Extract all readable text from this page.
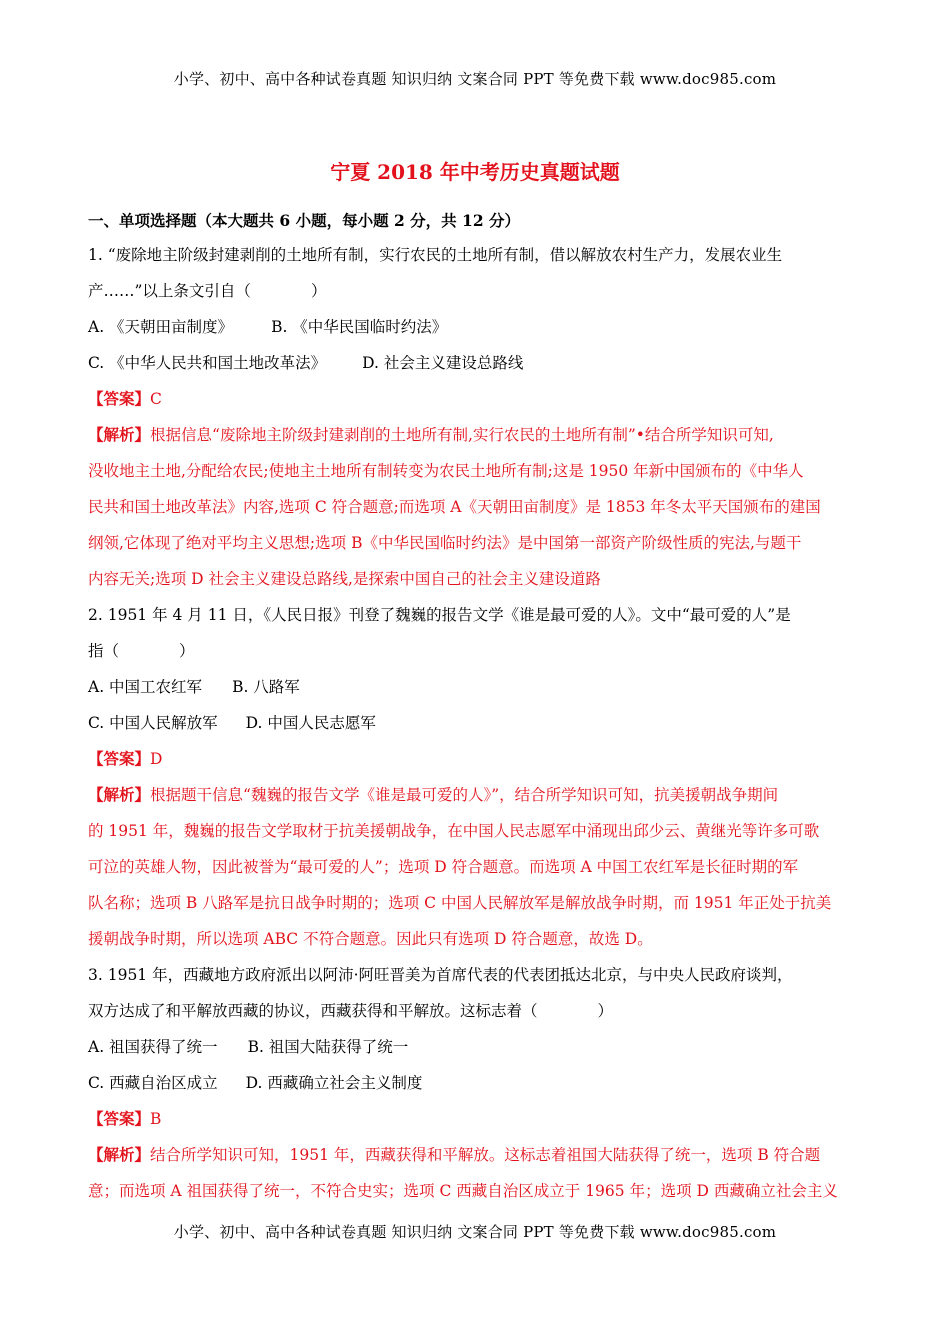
小学、初中、高中各种试卷真题 知识归纳 文案合同 PPT 等免费下载 www.doc985.com
宁夏 2018 年中考历史真题试题
一、单项选择题（本大题共 6 小题，每小题 2 分，共 12 分）
1. “废除地主阶级封建剥削的土地所有制，实行农民的土地所有制，借以解放农村生产力，发展农业生
产……”以上条文引自（	）
A. 《天朝田亩制度》 B. 《中华民国临时约法》
C. 《中华人民共和国土地改革法》 D. 社会主义建设总路线
【答案】C
【解析】根据信息“废除地主阶级封建剥削的土地所有制,实行农民的土地所有制”•结合所学知识可知,
没收地主土地,分配给农民;使地主土地所有制转变为农民土地所有制;这是 1950 年新中国颁布的《中华人
民共和国土地改革法》内容,选项 C 符合题意;而选项 A《天朝田亩制度》是 1853 年冬太平天国颁布的建国
纲领,它体现了绝对平均主义思想;选项 B《中华民国临时约法》是中国第一部资产阶级性质的宪法,与题干
内容无关;选项 D 社会主义建设总路线,是探索中国自己的社会主义建设道路
2. 1951 年 4 月 11 日，《人民日报》刊登了魏巍的报告文学《谁是最可爱的人》。文中“最可爱的人”是
指（	）
A. 中国工农红军 B. 八路军
C. 中国人民解放军 D. 中国人民志愿军
【答案】D
【解析】根据题干信息“魏巍的报告文学《谁是最可爱的人》”，结合所学知识可知，抗美援朝战争期间
的 1951 年，魏巍的报告文学取材于抗美援朝战争，在中国人民志愿军中涌现出邱少云、黄继光等许多可歌
可泣的英雄人物，因此被誉为“最可爱的人”；选项 D 符合题意。而选项 A 中国工农红军是长征时期的军
队名称；选项 B 八路军是抗日战争时期的；选项 C 中国人民解放军是解放战争时期，而 1951 年正处于抗美
援朝战争时期，所以选项 ABC 不符合题意。因此只有选项 D 符合题意，故选 D。
3. 1951 年，西藏地方政府派出以阿沛·阿旺晋美为首席代表的代表团抵达北京，与中央人民政府谈判，
双方达成了和平解放西藏的协议，西藏获得和平解放。这标志着（	）
A. 祖国获得了统一 B. 祖国大陆获得了统一
C. 西藏自治区成立 D. 西藏确立社会主义制度
【答案】B
【解析】结合所学知识可知，1951 年，西藏获得和平解放。这标志着祖国大陆获得了统一，选项 B 符合题
意；而选项 A 祖国获得了统一，不符合史实；选项 C 西藏自治区成立于 1965 年；选项 D 西藏确立社会主义
小学、初中、高中各种试卷真题 知识归纳 文案合同 PPT 等免费下载 www.doc985.com
